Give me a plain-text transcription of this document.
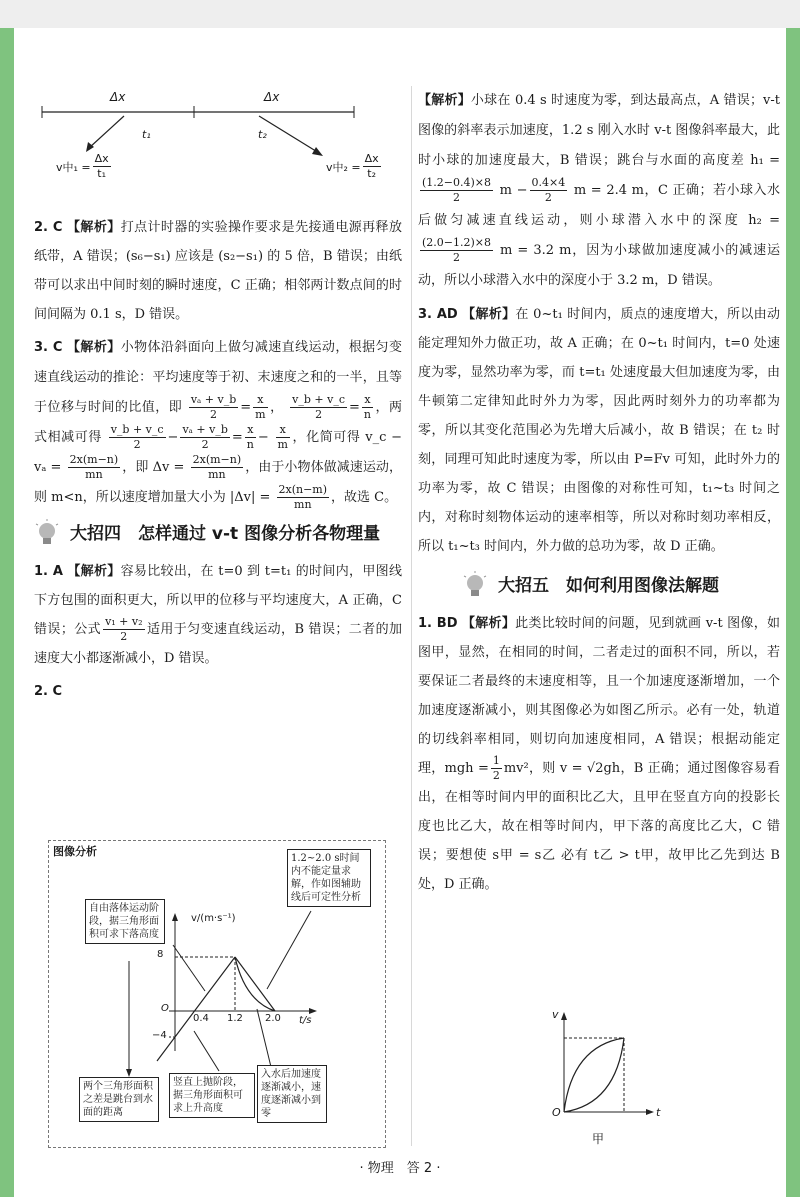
Δx	Δx
t₁	t₂
v中$_1 = \frac{\Delta x}{\text{t₁}}$	v中$_2 = \frac{\Delta x}{\text{t₂}}$

2. C 【解析】打点计时器的实验操作要求是先接通电源再释放纸带，A 错误；(s₆−s₁) 应该是 (s₂−s₁) 的 5 倍，B 错误；由纸带可以求出中间时刻的瞬时速度，C 正确；相邻两计数点间的时间间隔为 0.1 s，D 错误。

3. C 【解析】小物体沿斜面向上做匀减速直线运动，根据匀变速直线运动的推论：平均速度等于初、末速度之和的一半，且等于位移与时间的比值，即 $\frac{\text{vₐ + v\_b}}{2} = \frac{x}{m}$ ， $\frac{v\_b + v\_c}{2} = \frac{x}{n}$ ，两式相减可得 $\frac{v\_b + v\_c}{2} - \frac{\text{vₐ + v\_b}}{2} = \frac{x}{n} - \frac{x}{m}$ ，化简可得 v_c − $v_a = \frac{2x(m-n)}{mn}$ ，即 $\Delta v = \frac{2x(m-n)}{mn}$ ，由于小物体做减速运动，则 m<n，所以速度增加量大小为 $|\Delta v| = \frac{2x(n-m)}{mn}$ ，故选 C。

大招四　怎样通过 v-t 图像分析各物理量

1. A 【解析】容易比较出，在 t=0 到 t=t₁ 的时间内，甲图线下方包围的面积更大，所以甲的位移与平均速度大，A 正确，C 错误；公式 $\frac{\text{v₁ + v₂}}{2}$ 适用于匀变速直线运动，B 错误；二者的加速度大小都逐渐减小，D 错误。

2. C

图像分析
v/(m·s⁻¹)
t/s
8
−4
O
0.4 1.2 2.0
自由落体运动阶段，据三角形面积可求下落高度
1.2~2.0 s时间内不能定量求解，作如图辅助线后可定性分析
两个三角形面积之差是跳台到水面的距离
竖直上抛阶段，据三角形面积可求上升高度
入水后加速度逐渐减小，速度逐渐减小到零

【解析】小球在 0.4 s 时速度为零，到达最高点，A 错误；v-t 图像的斜率表示加速度，1.2 s 刚入水时 v-t 图像斜率最大，此时小球的加速度最大，B 错误；跳台与水面的高度差 h₁ =
$\frac{(1.2-0.4)\times 8}{2}$ $m - \frac{0.4\times 4}{2}$ m = 2.4 m，C 正确；若小球入水后做匀减速直线运动，则小球潜入水中的深度 h₂ =
$\frac{(2.0-1.2)\times 8}{2}$ m = 3.2 m，因为小球做加速度减小的减速运动，所以小球潜入水中的深度小于 3.2 m，D 错误。

3. AD 【解析】在 0~t₁ 时间内，质点的速度增大，所以由动能定理知外力做正功，故 A 正确；在 0~t₁ 时间内，t=0 处速度为零，显然功率为零，而 t=t₁ 处速度最大但加速度为零，由牛顿第二定律知此时外力为零，因此两时刻外力的功率都为零，所以其变化范围必为先增大后减小，故 B 错误；在 t₂ 时刻，同理可知此时速度为零，所以由 P=Fv 可知，此时外力的功率为零，故 C 错误；由图像的对称性可知，t₁~t₃ 时间之内，对称时刻物体运动的速率相等，所以对称时刻功率相反，所以 t₁~t₃ 时间内，外力做的总功为零，故 D 正确。

大招五　如何利用图像法解题

1. BD 【解析】此类比较时间的问题，见到就画 v-t 图像，如图甲，显然，在相同的时间，二者走过的面积不同，所以，若要保证二者最终的末速度相等，且一个加速度逐渐增加，一个加速度逐渐减小，则其图像必为如图乙所示。必有一处，轨道的切线斜率相同，则切向加速度相同，A 错误；根据动能定理，mgh = $\frac{1}{2} mv^2$，则 v = √2gh，B 正确；通过图像容易看出，在相等时间内甲的面积比乙大，且甲在竖直方向的投影长度也比乙大，故在相等时间内，甲下落的高度比乙大，C 错误；要想使 s甲 = s乙 必有 t乙 > t甲，故甲比乙先到达 B 处，D 正确。

v
t
O
甲
· 物理　答 2 ·
